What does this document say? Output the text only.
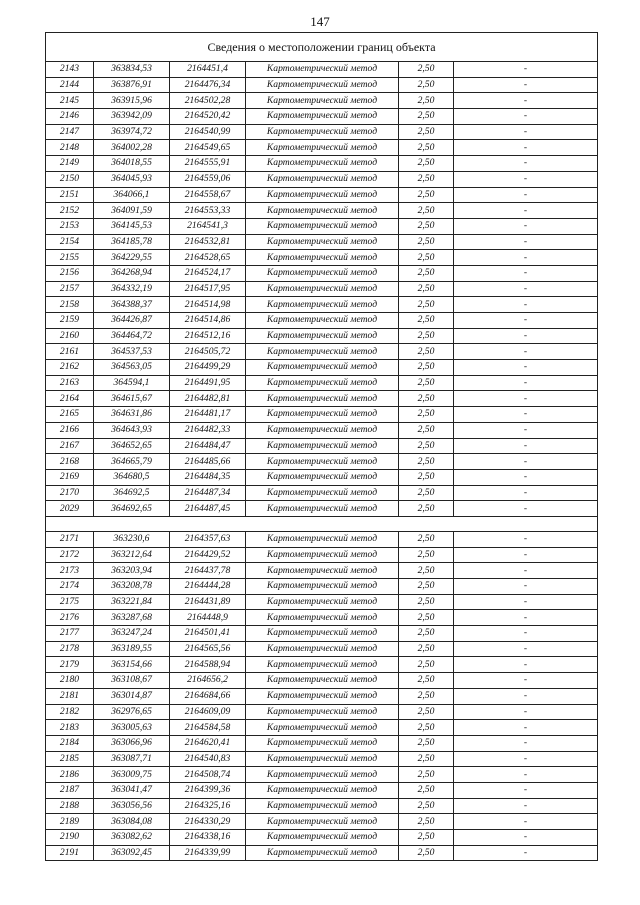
147
Сведения о местоположении границ объекта					
2143	363834,53	2164451,4	Картометрический метод	2,50	-
2144	363876,91	2164476,34	Картометрический метод	2,50	-
2145	363915,96	2164502,28	Картометрический метод	2,50	-
2146	363942,09	2164520,42	Картометрический метод	2,50	-
2147	363974,72	2164540,99	Картометрический метод	2,50	-
2148	364002,28	2164549,65	Картометрический метод	2,50	-
2149	364018,55	2164555,91	Картометрический метод	2,50	-
2150	364045,93	2164559,06	Картометрический метод	2,50	-
2151	364066,1	2164558,67	Картометрический метод	2,50	-
2152	364091,59	2164553,33	Картометрический метод	2,50	-
2153	364145,53	2164541,3	Картометрический метод	2,50	-
2154	364185,78	2164532,81	Картометрический метод	2,50	-
2155	364229,55	2164528,65	Картометрический метод	2,50	-
2156	364268,94	2164524,17	Картометрический метод	2,50	-
2157	364332,19	2164517,95	Картометрический метод	2,50	-
2158	364388,37	2164514,98	Картометрический метод	2,50	-
2159	364426,87	2164514,86	Картометрический метод	2,50	-
2160	364464,72	2164512,16	Картометрический метод	2,50	-
2161	364537,53	2164505,72	Картометрический метод	2,50	-
2162	364563,05	2164499,29	Картометрический метод	2,50	-
2163	364594,1	2164491,95	Картометрический метод	2,50	-
2164	364615,67	2164482,81	Картометрический метод	2,50	-
2165	364631,86	2164481,17	Картометрический метод	2,50	-
2166	364643,93	2164482,33	Картометрический метод	2,50	-
2167	364652,65	2164484,47	Картометрический метод	2,50	-
2168	364665,79	2164485,66	Картометрический метод	2,50	-
2169	364680,5	2164484,35	Картометрический метод	2,50	-
2170	364692,5	2164487,34	Картометрический метод	2,50	-
2029	364692,65	2164487,45	Картометрический метод	2,50	-

2171	363230,6	2164357,63	Картометрический метод	2,50	-
2172	363212,64	2164429,52	Картометрический метод	2,50	-
2173	363203,94	2164437,78	Картометрический метод	2,50	-
2174	363208,78	2164444,28	Картометрический метод	2,50	-
2175	363221,84	2164431,89	Картометрический метод	2,50	-
2176	363287,68	2164448,9	Картометрический метод	2,50	-
2177	363247,24	2164501,41	Картометрический метод	2,50	-
2178	363189,55	2164565,56	Картометрический метод	2,50	-
2179	363154,66	2164588,94	Картометрический метод	2,50	-
2180	363108,67	2164656,2	Картометрический метод	2,50	-
2181	363014,87	2164684,66	Картометрический метод	2,50	-
2182	362976,65	2164609,09	Картометрический метод	2,50	-
2183	363005,63	2164584,58	Картометрический метод	2,50	-
2184	363066,96	2164620,41	Картометрический метод	2,50	-
2185	363087,71	2164540,83	Картометрический метод	2,50	-
2186	363009,75	2164508,74	Картометрический метод	2,50	-
2187	363041,47	2164399,36	Картометрический метод	2,50	-
2188	363056,56	2164325,16	Картометрический метод	2,50	-
2189	363084,08	2164330,29	Картометрический метод	2,50	-
2190	363082,62	2164338,16	Картометрический метод	2,50	-
2191	363092,45	2164339,99	Картометрический метод	2,50	-
